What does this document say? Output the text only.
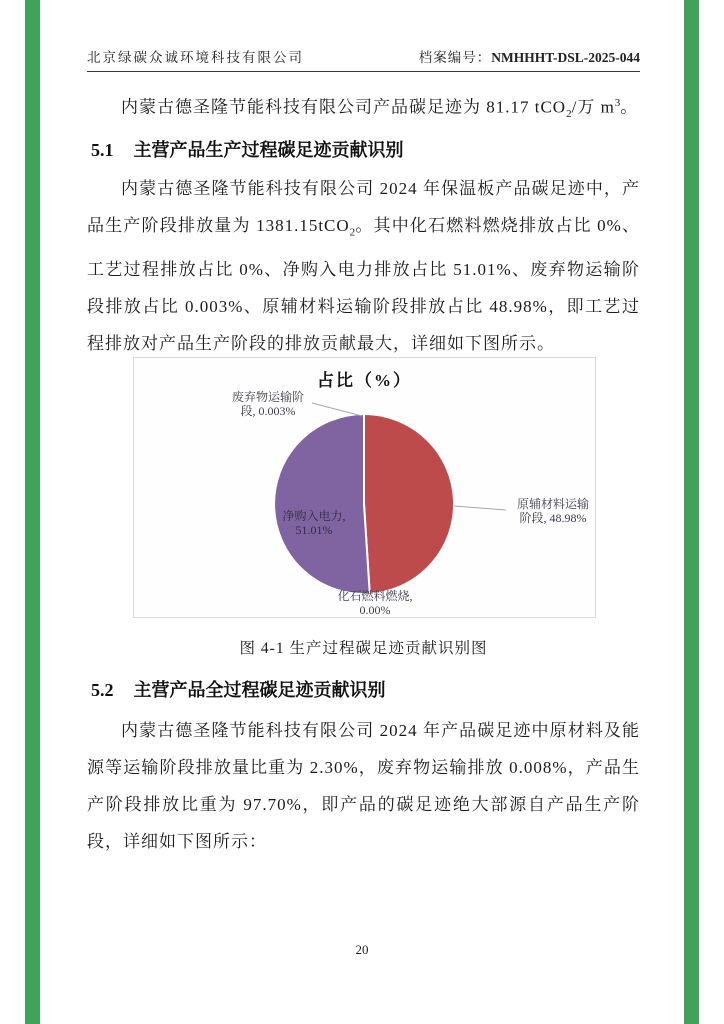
北京绿碳众诚环境科技有限公司	档案编号：NMHHHT-DSL-2025-044

内蒙古德圣隆节能科技有限公司产品碳足迹为 81.17 tCO$_2$/万 $m^3$。

5.1 主营产品生产过程碳足迹贡献识别

内蒙古德圣隆节能科技有限公司 2024 年保温板产品碳足迹中，产品生产阶段排放量为 1381.15tCO$_2$。其中化石燃料燃烧排放占比 0%、工艺过程排放占比 0%、净购入电力排放占比 51.01%、废弃物运输阶段排放占比 0.003%、原辅材料运输阶段排放占比 48.98%，即工艺过程排放对产品生产阶段的排放贡献最大，详细如下图所示。

占比（%）
废弃物运输阶
段, 0.003%
原辅材料运输
阶段, 48.98%
净购入电力,
51.01%
化石燃料燃烧,
0.00%
图 4-1 生产过程碳足迹贡献识别图
5.2 主营产品全过程碳足迹贡献识别

内蒙古德圣隆节能科技有限公司 2024 年产品碳足迹中原材料及能源等运输阶段排放量比重为 2.30%，废弃物运输排放 0.008%，产品生产阶段排放比重为 97.70%，即产品的碳足迹绝大部源自产品生产阶段，详细如下图所示：

20
